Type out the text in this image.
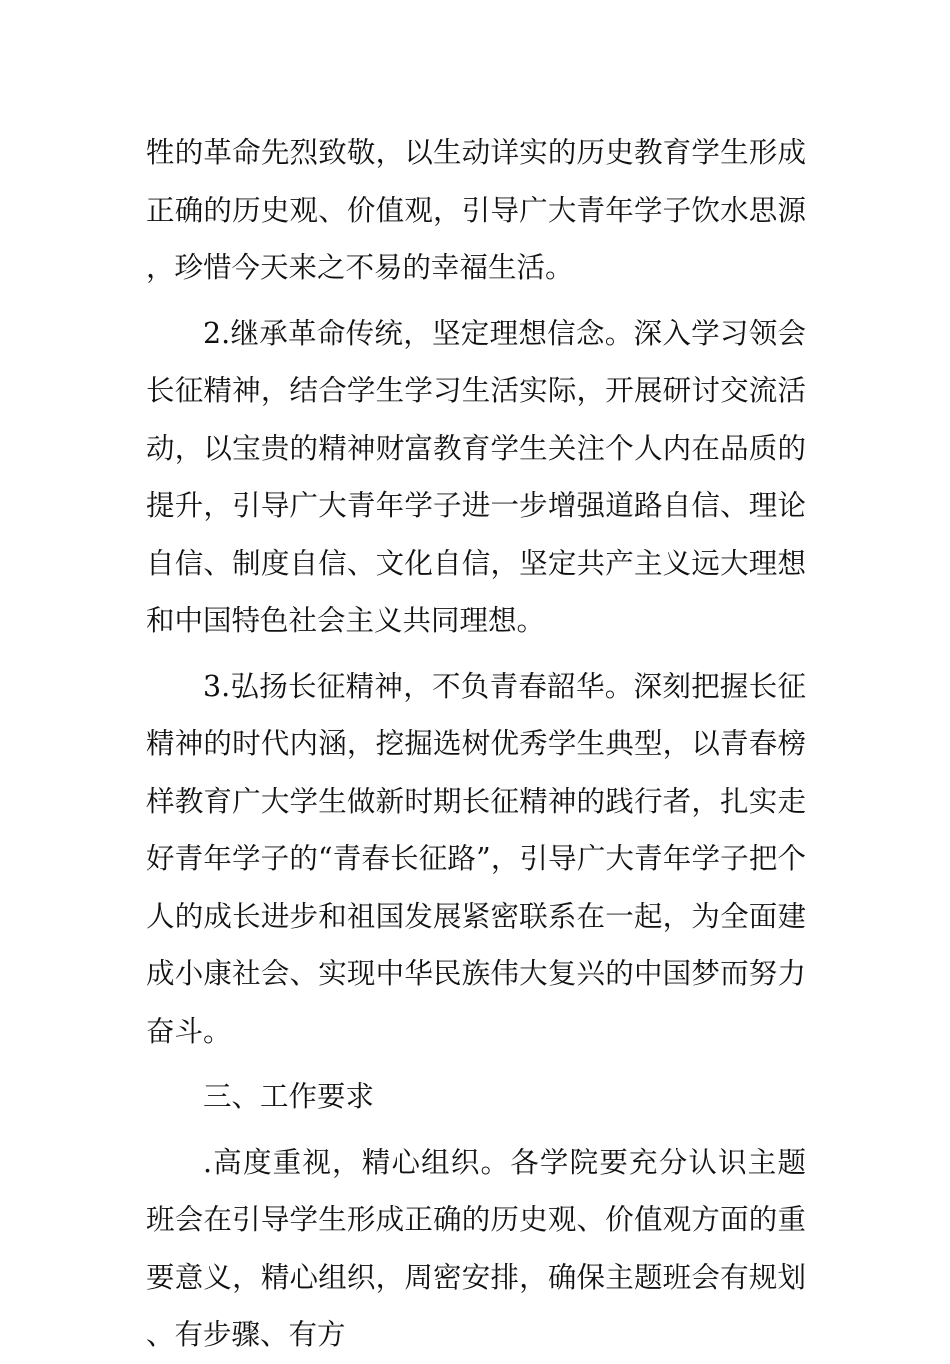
牲的革命先烈致敬，以生动详实的历史教育学生形成正确的历史观、价值观，引导广大青年学子饮水思源，珍惜今天来之不易的幸福生活。

2.继承革命传统，坚定理想信念。深入学习领会长征精神，结合学生学习生活实际，开展研讨交流活动，以宝贵的精神财富教育学生关注个人内在品质的提升，引导广大青年学子进一步增强道路自信、理论自信、制度自信、文化自信，坚定共产主义远大理想和中国特色社会主义共同理想。

3.弘扬长征精神，不负青春韶华。深刻把握长征精神的时代内涵，挖掘选树优秀学生典型，以青春榜样教育广大学生做新时期长征精神的践行者，扎实走好青年学子的“青春长征路”，引导广大青年学子把个人的成长进步和祖国发展紧密联系在一起，为全面建成小康社会、实现中华民族伟大复兴的中国梦而努力奋斗。

三、工作要求

.高度重视，精心组织。各学院要充分认识主题班会在引导学生形成正确的历史观、价值观方面的重要意义，精心组织，周密安排，确保主题班会有规划、有步骤、有方
